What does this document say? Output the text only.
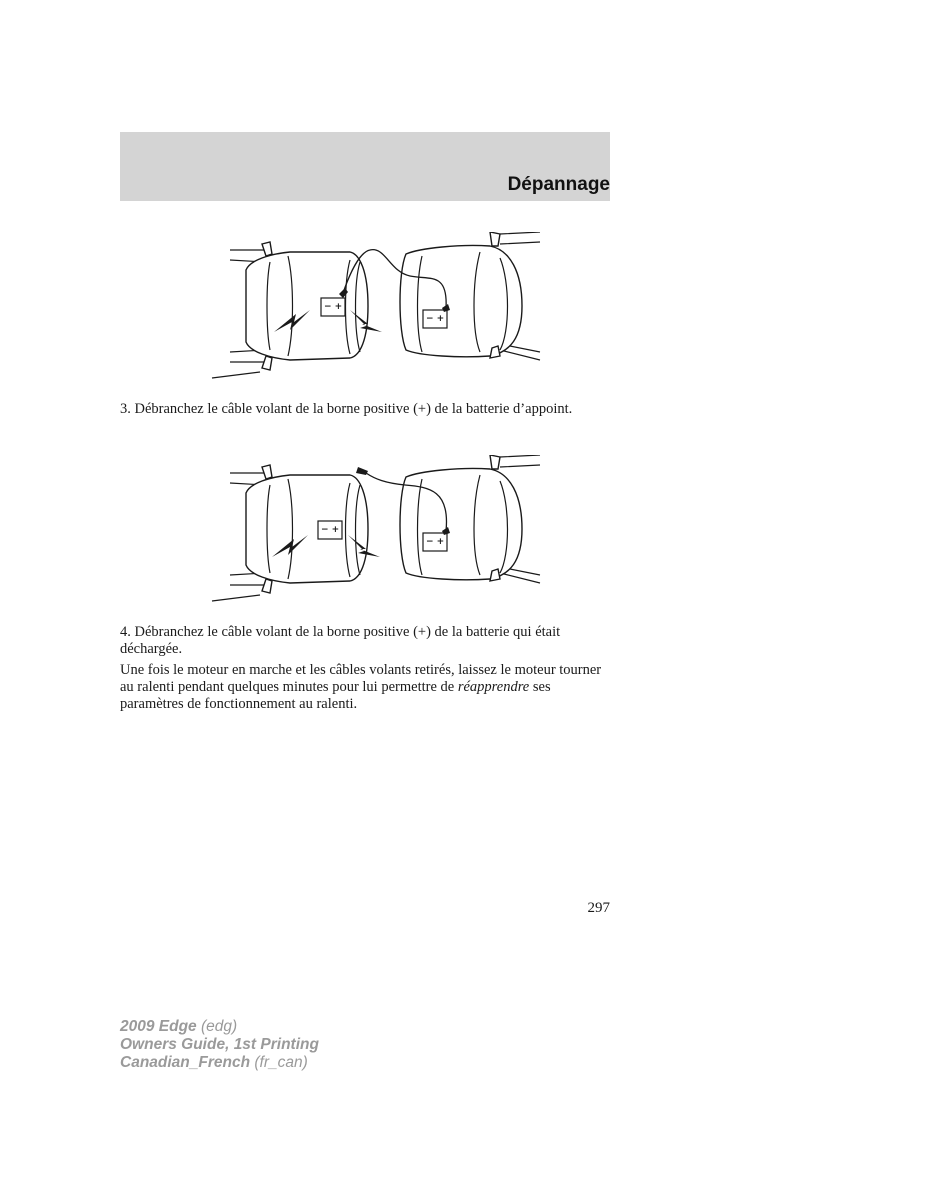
Dépannage
− +
− +

3. Débranchez le câble volant de la borne positive (+) de la batterie d’appoint.

− +
− +

4. Débranchez le câble volant de la borne positive (+) de la batterie qui était déchargée.

Une fois le moteur en marche et les câbles volants retirés, laissez le moteur tourner au ralenti pendant quelques minutes pour lui permettre de réapprendre ses paramètres de fonctionnement au ralenti.

297
2009 Edge (edg)
Owners Guide, 1st Printing
Canadian_French (fr_can)
